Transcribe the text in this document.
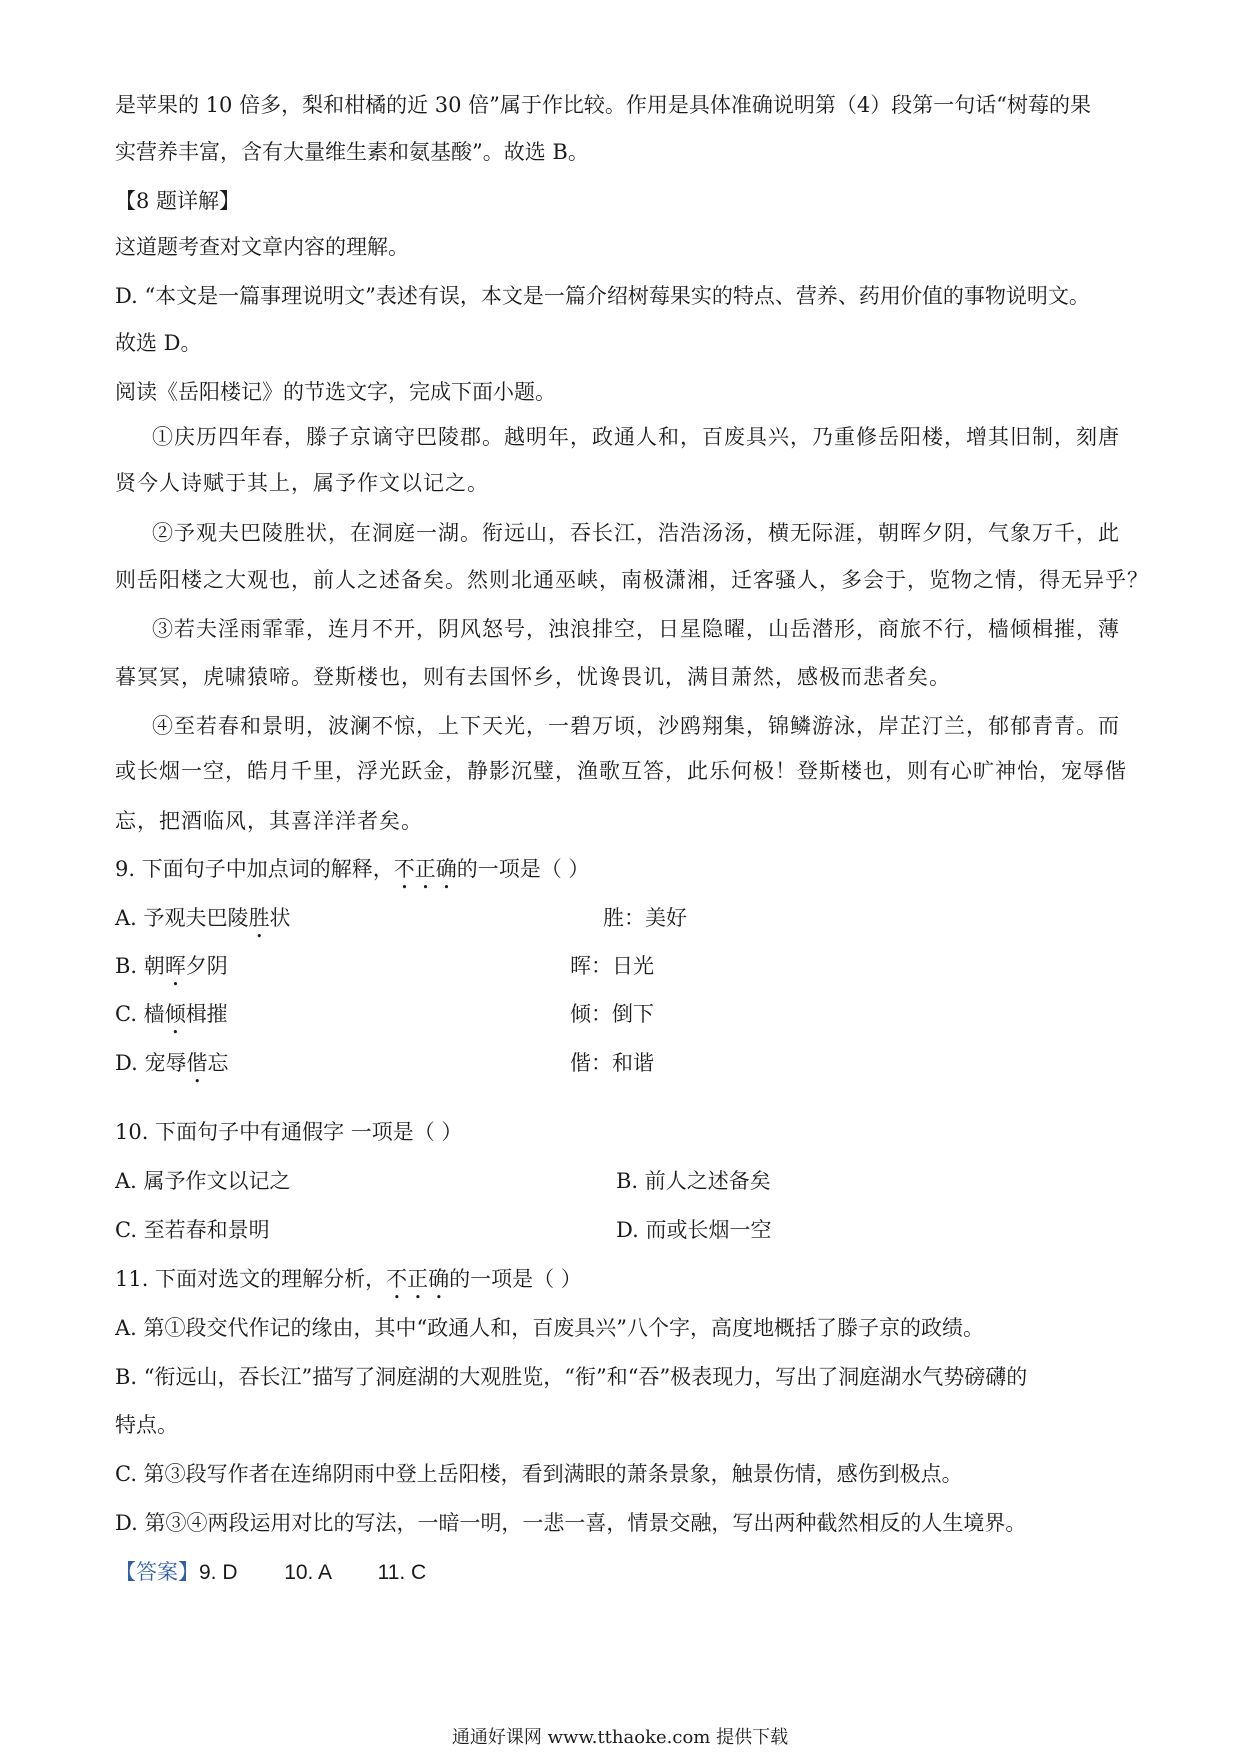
是苹果的 10 倍多，梨和柑橘的近 30 倍”属于作比较。作用是具体准确说明第（4）段第一句话“树莓的果
实营养丰富，含有大量维生素和氨基酸”。故选 B。
【8 题详解】
这道题考查对文章内容的理解。
D. “本文是一篇事理说明文”表述有误，本文是一篇介绍树莓果实的特点、营养、药用价值的事物说明文。
故选 D。
阅读《岳阳楼记》的节选文字，完成下面小题。
①庆历四年春，滕子京谪守巴陵郡。越明年，政通人和，百废具兴，乃重修岳阳楼，增其旧制，刻唐
贤今人诗赋于其上，属予作文以记之。
②予观夫巴陵胜状，在洞庭一湖。衔远山，吞长江，浩浩汤汤，横无际涯，朝晖夕阴，气象万千，此
则岳阳楼之大观也，前人之述备矣。然则北通巫峡，南极潇湘，迁客骚人，多会于，览物之情，得无异乎？
③若夫淫雨霏霏，连月不开，阴风怒号，浊浪排空，日星隐曜，山岳潜形，商旅不行，樯倾楫摧，薄
暮冥冥，虎啸猿啼。登斯楼也，则有去国怀乡，忧谗畏讥，满目萧然，感极而悲者矣。
④至若春和景明，波澜不惊，上下天光，一碧万顷，沙鸥翔集，锦鳞游泳，岸芷汀兰，郁郁青青。而
或长烟一空，皓月千里，浮光跃金，静影沉璧，渔歌互答，此乐何极！登斯楼也，则有心旷神怡，宠辱偕
忘，把酒临风，其喜洋洋者矣。
9. 下面句子中加点词的解释，不正确的一项是（ ）
A. 予观夫巴陵胜状	胜：美好
B. 朝晖夕阴	晖：日光
C. 樯倾楫摧	倾：倒下
D. 宠辱偕忘	偕：和谐
10. 下面句子中有通假字 一项是（ ）
A. 属予作文以记之	B. 前人之述备矣
C. 至若春和景明	D. 而或长烟一空
11. 下面对选文的理解分析，不正确的一项是（ ）
A. 第①段交代作记的缘由，其中“政通人和，百废具兴”八个字，高度地概括了滕子京的政绩。
B. “衔远山，吞长江”描写了洞庭湖的大观胜览，“衔”和“吞”极表现力，写出了洞庭湖水气势磅礴的
特点。
C. 第③段写作者在连绵阴雨中登上岳阳楼，看到满眼的萧条景象，触景伤情，感伤到极点。
D. 第③④两段运用对比的写法，一暗一明，一悲一喜，情景交融，写出两种截然相反的人生境界。
【答案】9. D        10. A        11. C
通通好课网 www.tthaoke.com 提供下载
